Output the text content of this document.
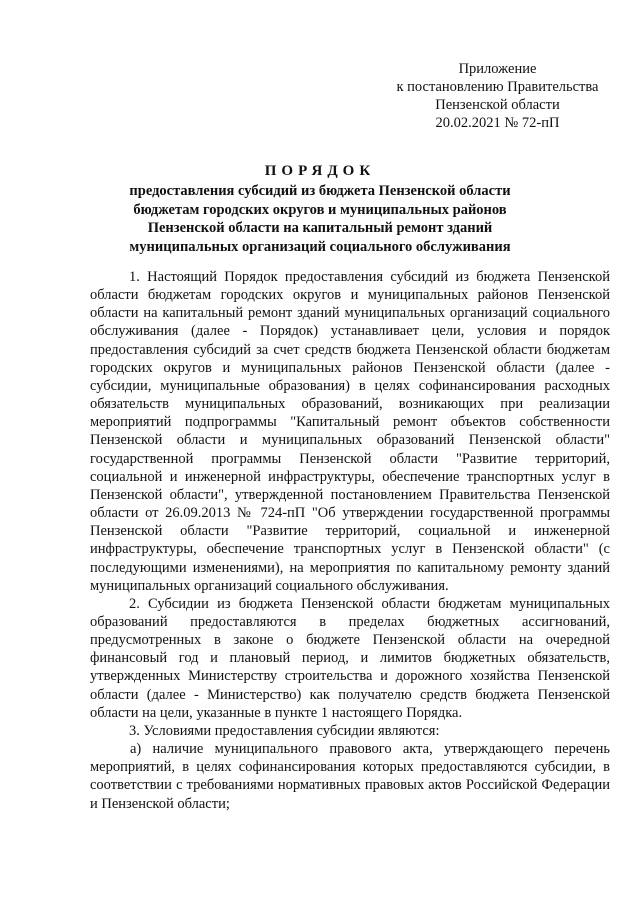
Приложение
к постановлению Правительства
Пензенской области
20.02.2021 № 72-пП
ПОРЯДОК
предоставления субсидий из бюджета Пензенской области
бюджетам городских округов и муниципальных районов
Пензенской области на капитальный ремонт зданий
муниципальных организаций социального обслуживания

1. Настоящий Порядок предоставления субсидий из бюджета Пензенской области бюджетам городских округов и муниципальных районов Пензенской области на капитальный ремонт зданий муниципальных организаций социального обслуживания (далее - Порядок) устанавливает цели, условия и порядок предоставления субсидий за счет средств бюджета Пензенской области бюджетам городских округов и муниципальных районов Пензенской области (далее - субсидии, муниципальные образования) в целях софинансирования расходных обязательств муниципальных образований, возникающих при реализации мероприятий подпрограммы "Капитальный ремонт объектов собственности Пензенской области и муниципальных образований Пензенской области" государственной программы Пензенской области "Развитие территорий, социальной и инженерной инфраструктуры, обеспечение транспортных услуг в Пензенской области", утвержденной постановлением Правительства Пензенской области от 26.09.2013 № 724-пП "Об утверждении государственной программы Пензенской области "Развитие территорий, социальной и инженерной инфраструктуры, обеспечение транспортных услуг в Пензенской области" (с последующими изменениями), на мероприятия по капитальному ремонту зданий муниципальных организаций социального обслуживания.

2. Субсидии из бюджета Пензенской области бюджетам муниципальных образований предоставляются в пределах бюджетных ассигнований, предусмотренных в законе о бюджете Пензенской области на очередной финансовый год и плановый период, и лимитов бюджетных обязательств, утвержденных Министерству строительства и дорожного хозяйства Пензенской области (далее - Министерство) как получателю средств бюджета Пензенской области на цели, указанные в пункте 1 настоящего Порядка.

3. Условиями предоставления субсидии являются:

а) наличие муниципального правового акта, утверждающего перечень мероприятий, в целях софинансирования которых предоставляются субсидии, в соответствии с требованиями нормативных правовых актов Российской Федерации и Пензенской области;
